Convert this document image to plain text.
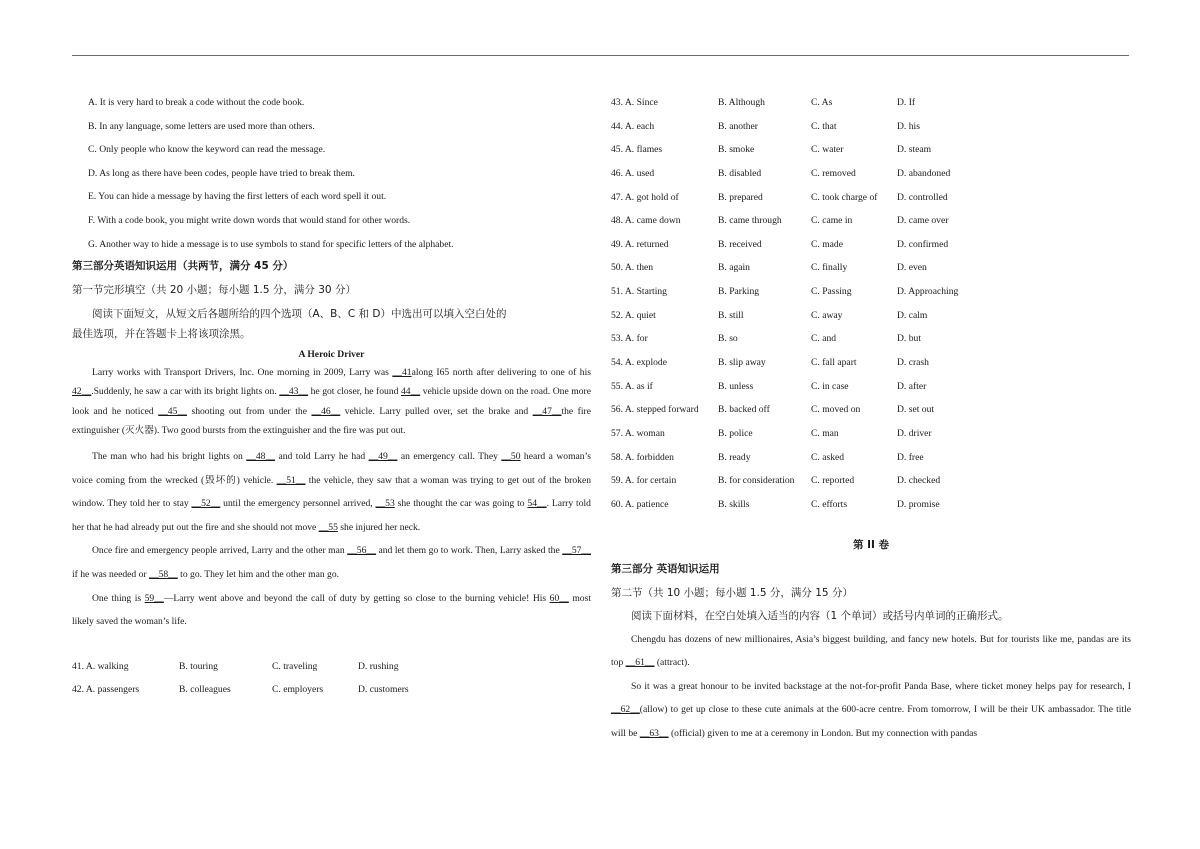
A. It is very hard to break a code without the code book.
B. In any language, some letters are used more than others.
C. Only people who know the keyword can read the message.
D. As long as there have been codes, people have tried to break them.
E. You can hide a message by having the first letters of each word spell it out.
F. With a code book, you might write down words that would stand for other words.
G. Another way to hide a message is to use symbols to stand for specific letters of the alphabet.
第三部分英语知识运用（共两节，满分 45 分）
第一节完形填空（共 20 小题；每小题 1.5 分，满分 30 分）
阅读下面短文，从短文后各题所给的四个选项（A、B、C 和 D）中选出可以填入空白处的
最佳选项，并在答题卡上将该项涂黑。
A Heroic Driver
Larry works with Transport Drivers, Inc. One morning in 2009, Larry was __41along I65 north after delivering to one of his 42__.Suddenly, he saw a car with its bright lights on. __43__ he got closer, he found 44__ vehicle upside down on the road. One more look and he noticed __45__ shooting out from under the __46__ vehicle. Larry pulled over, set the brake and __47__the fire extinguisher (灭火器). Two good bursts from the extinguisher and the fire was put out.
The man who had his bright lights on __48__ and told Larry he had __49__ an emergency call. They __50 heard a woman’s voice coming from the wrecked (毁坏的) vehicle. __51__ the vehicle, they saw that a woman was trying to get out of the broken window. They told her to stay __52__ until the emergency personnel arrived, __53 she thought the car was going to 54__. Larry told her that he had already put out the fire and she should not move __55 she injured her neck.
Once fire and emergency people arrived, Larry and the other man __56__ and let them go to work. Then, Larry asked the __57__ if he was needed or __58__ to go. They let him and the other man go.
One thing is 59__—Larry went above and beyond the call of duty by getting so close to the burning vehicle! His 60__ most likely saved the woman’s life.
41. A. walking	B. touring	C. traveling	D. rushing
42. A. passengers	B. colleagues	C. employers	D. customers
43. A. Since	B. Although	C. As	D. If
44. A. each	B. another	C. that	D. his
45. A. flames	B. smoke	C. water	D. steam
46. A. used	B. disabled	C. removed	D. abandoned
47. A. got hold of	B. prepared	C. took charge of	D. controlled
48. A. came down	B. came through	C. came in	D. came over
49. A. returned	B. received	C. made	D. confirmed
50. A. then	B. again	C. finally	D. even
51. A. Starting	B. Parking	C. Passing	D. Approaching
52. A. quiet	B. still	C. away	D. calm
53. A. for	B. so	C. and	D. but
54. A. explode	B. slip away	C. fall apart	D. crash
55. A. as if	B. unless	C. in case	D. after
56. A. stepped forward	B. backed off	C. moved on	D. set out
57. A. woman	B. police	C. man	D. driver
58. A. forbidden	B. ready	C. asked	D. free
59. A. for certain	B. for consideration	C. reported	D. checked
60. A. patience	B. skills	C. efforts	D. promise
第 II 卷
第三部分 英语知识运用
第二节（共 10 小题；每小题 1.5 分，满分 15 分）
阅读下面材料，在空白处填入适当的内容（1 个单词）或括号内单词的正确形式。
Chengdu has dozens of new millionaires, Asia’s biggest building, and fancy new hotels. But for tourists like me, pandas are its top __61__ (attract).
So it was a great honour to be invited backstage at the not-for-profit Panda Base, where ticket money helps pay for research, I __62__(allow) to get up close to these cute animals at the 600-acre centre. From tomorrow, I will be their UK ambassador. The title will be __63__ (official) given to me at a ceremony in London. But my connection with pandas
